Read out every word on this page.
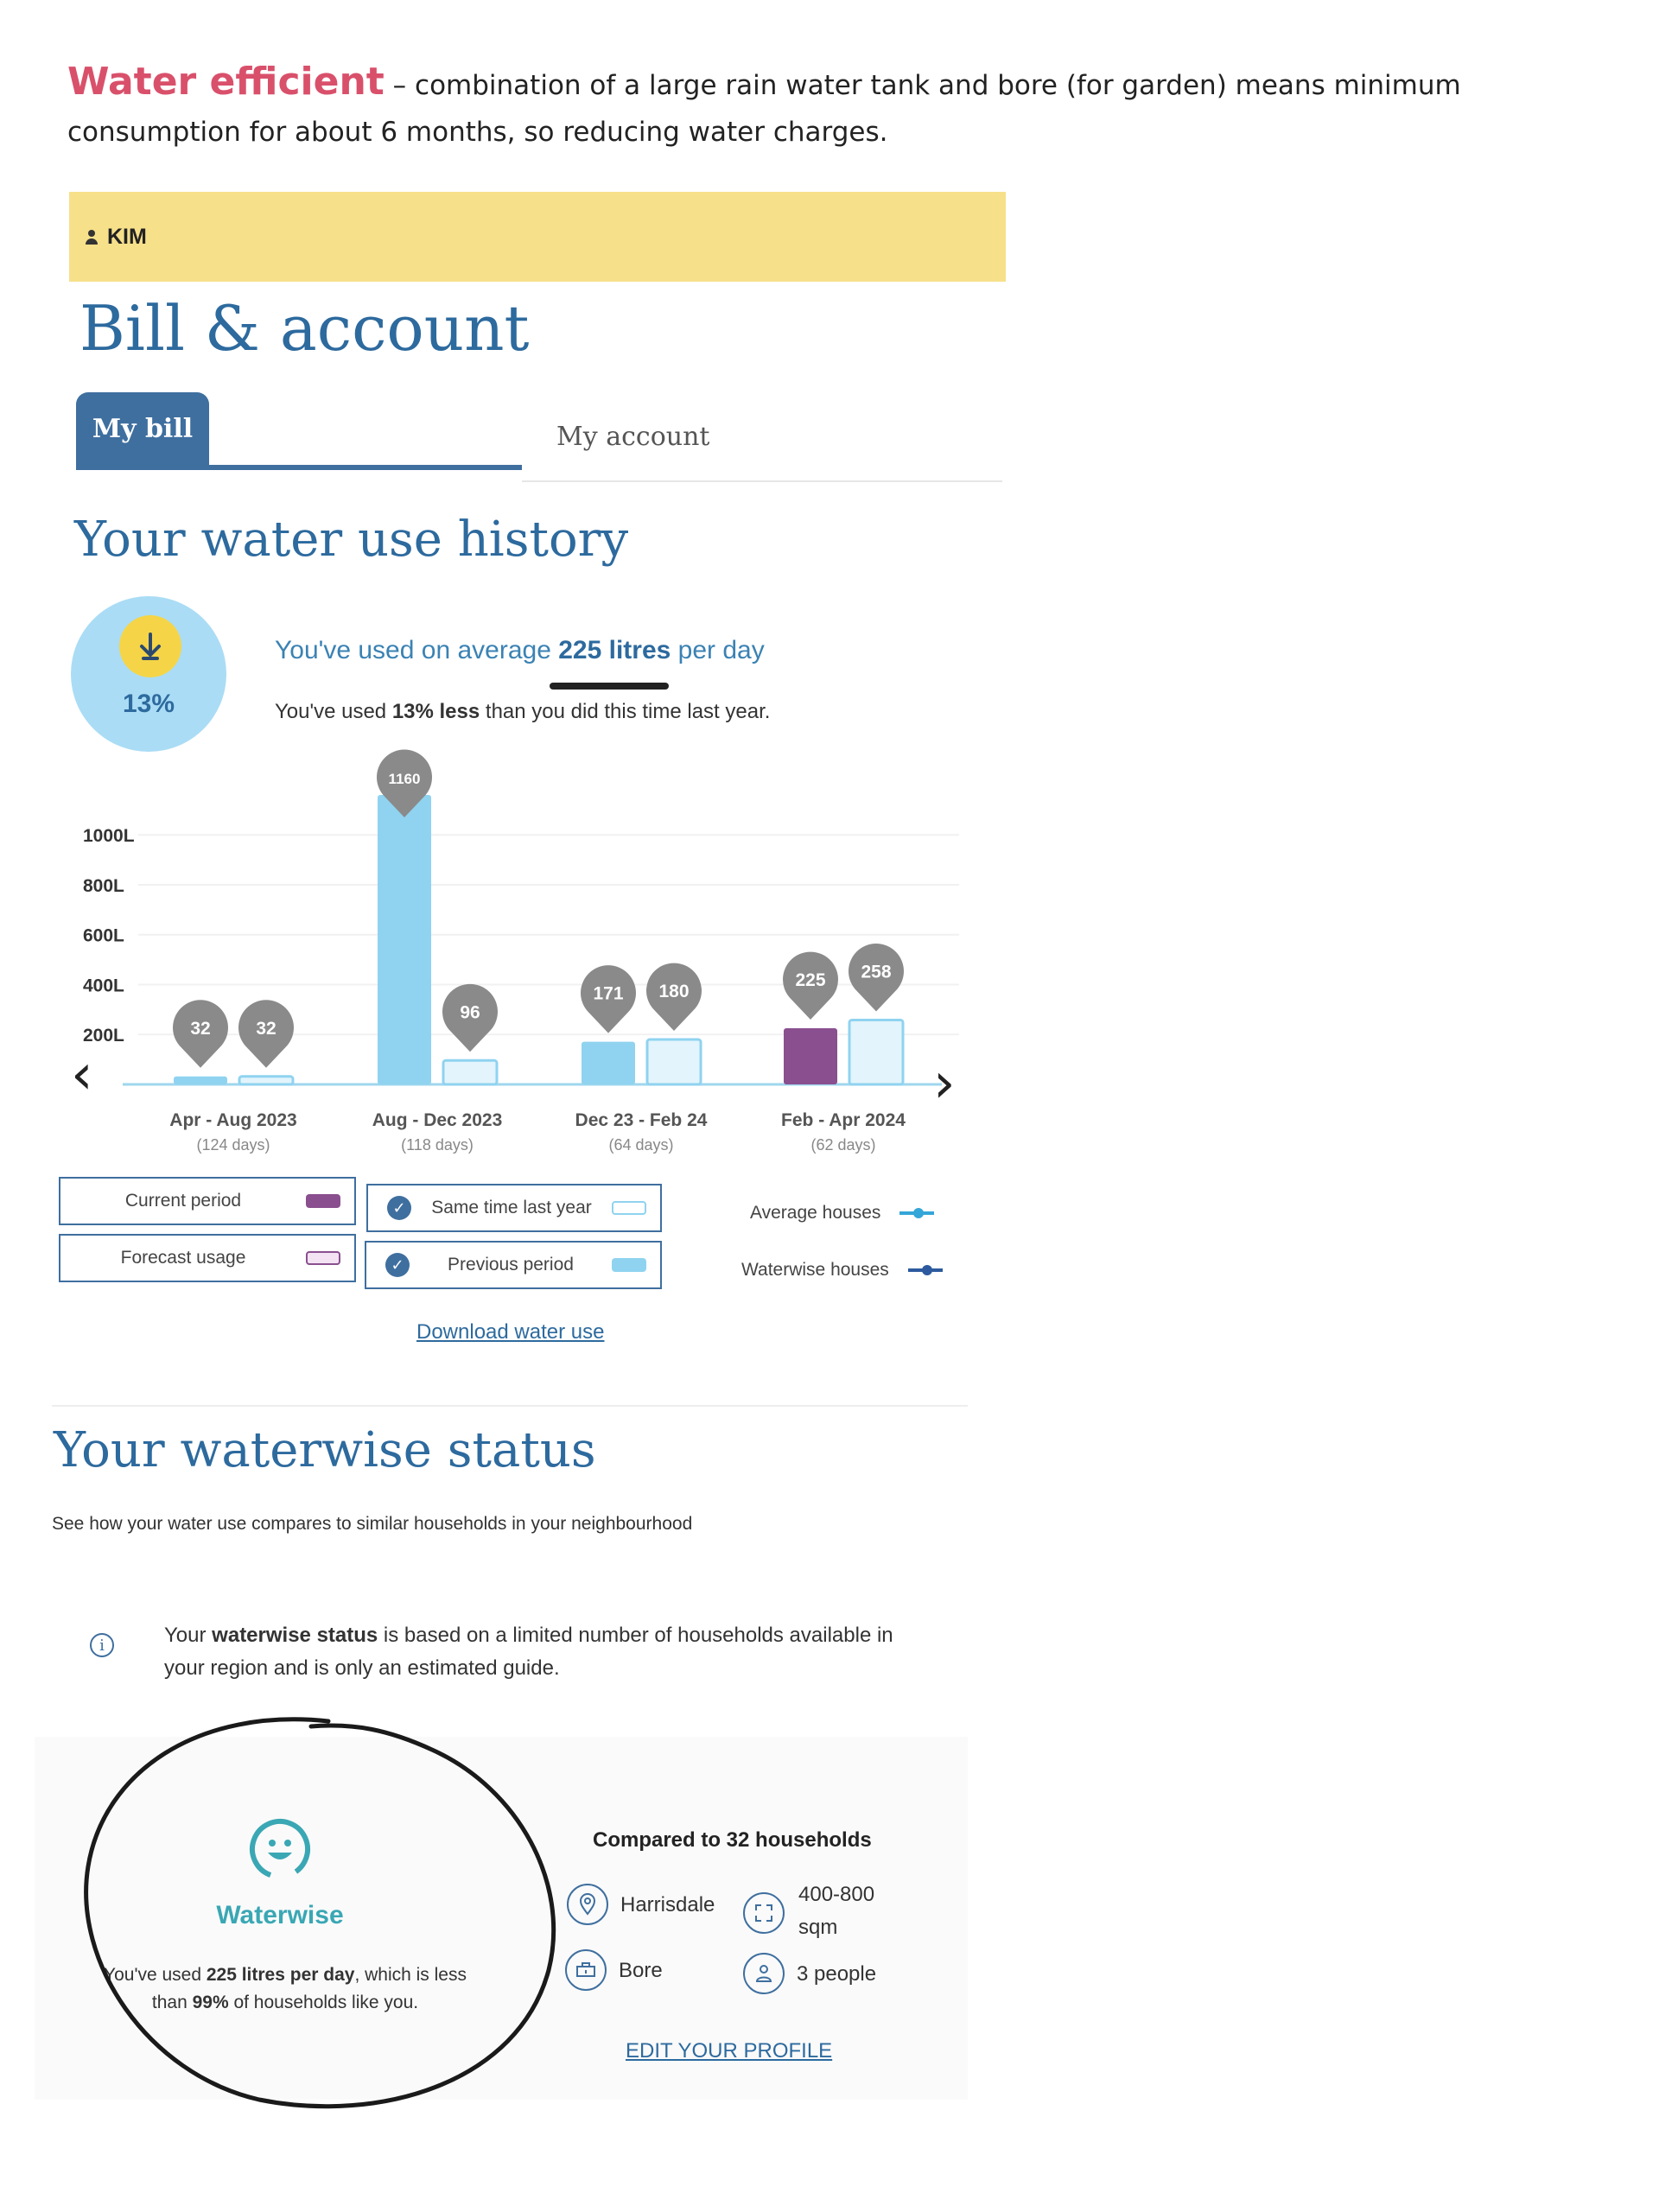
Water efficient – combination of a large rain water tank and bore (for garden) means minimum consumption for about 6 months, so reducing water charges.
KIM
Bill & account
My bill	My account
Your water use history
13%
You've used on average 225 litres per day
You've used 13% less than you did this time last year.
1000L
800L
600L
400L
200L
‹	›
32	32
Apr - Aug 2023
(124 days)
1160
96
Aug - Dec 2023
(118 days)
171 180
Dec 23 - Feb 24
(64 days)
225 258
Feb - Apr 2024
(62 days)
Current period
Forecast usage
✓	Same time last year
✓	Previous period
Average houses
Waterwise houses
Download water use
Your waterwise status
See how your water use compares to similar households in your neighbourhood
i	Your waterwise status is based on a limited number of households available in your region and is only an estimated guide.
Waterwise
You've used 225 litres per day, which is less than 99% of households like you.
Compared to 32 households
Harrisdale	400-800
sqm
Bore	3 people
EDIT YOUR PROFILE
